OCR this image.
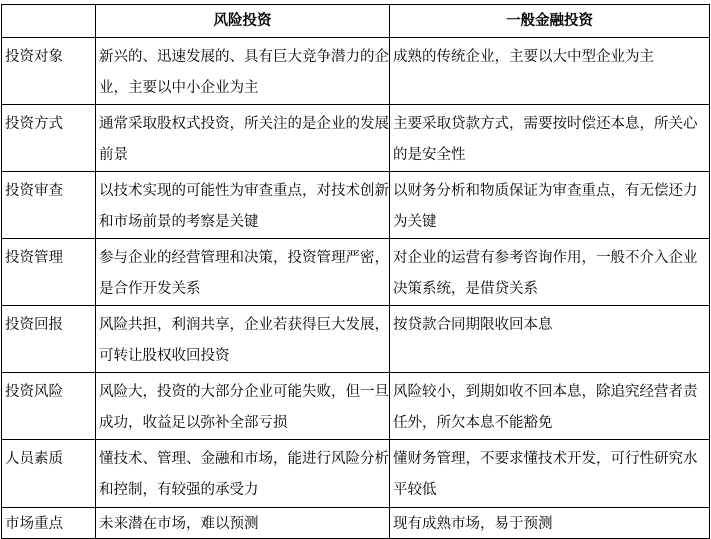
	风险投资	一般金融投资
投资对象	新兴的、迅速发展的、具有巨大竞争潜力的企业，主要以中小企业为主	成熟的传统企业，主要以大中型企业为主
投资方式	通常采取股权式投资，所关注的是企业的发展前景	主要采取贷款方式，需要按时偿还本息，所关心的是安全性
投资审查	以技术实现的可能性为审查重点，对技术创新和市场前景的考察是关键	以财务分析和物质保证为审查重点，有无偿还力为关键
投资管理	参与企业的经营管理和决策，投资管理严密，是合作开发关系	对企业的运营有参考咨询作用，一般不介入企业决策系统，是借贷关系
投资回报	风险共担，利润共享，企业若获得巨大发展，可转让股权收回投资	按贷款合同期限收回本息
投资风险	风险大，投资的大部分企业可能失败，但一旦成功，收益足以弥补全部亏损	风险较小，到期如收不回本息，除追究经营者责任外，所欠本息不能豁免
人员素质	懂技术、管理、金融和市场，能进行风险分析和控制，有较强的承受力	懂财务管理，不要求懂技术开发，可行性研究水平较低
市场重点	未来潜在市场，难以预测	现有成熟市场，易于预测
